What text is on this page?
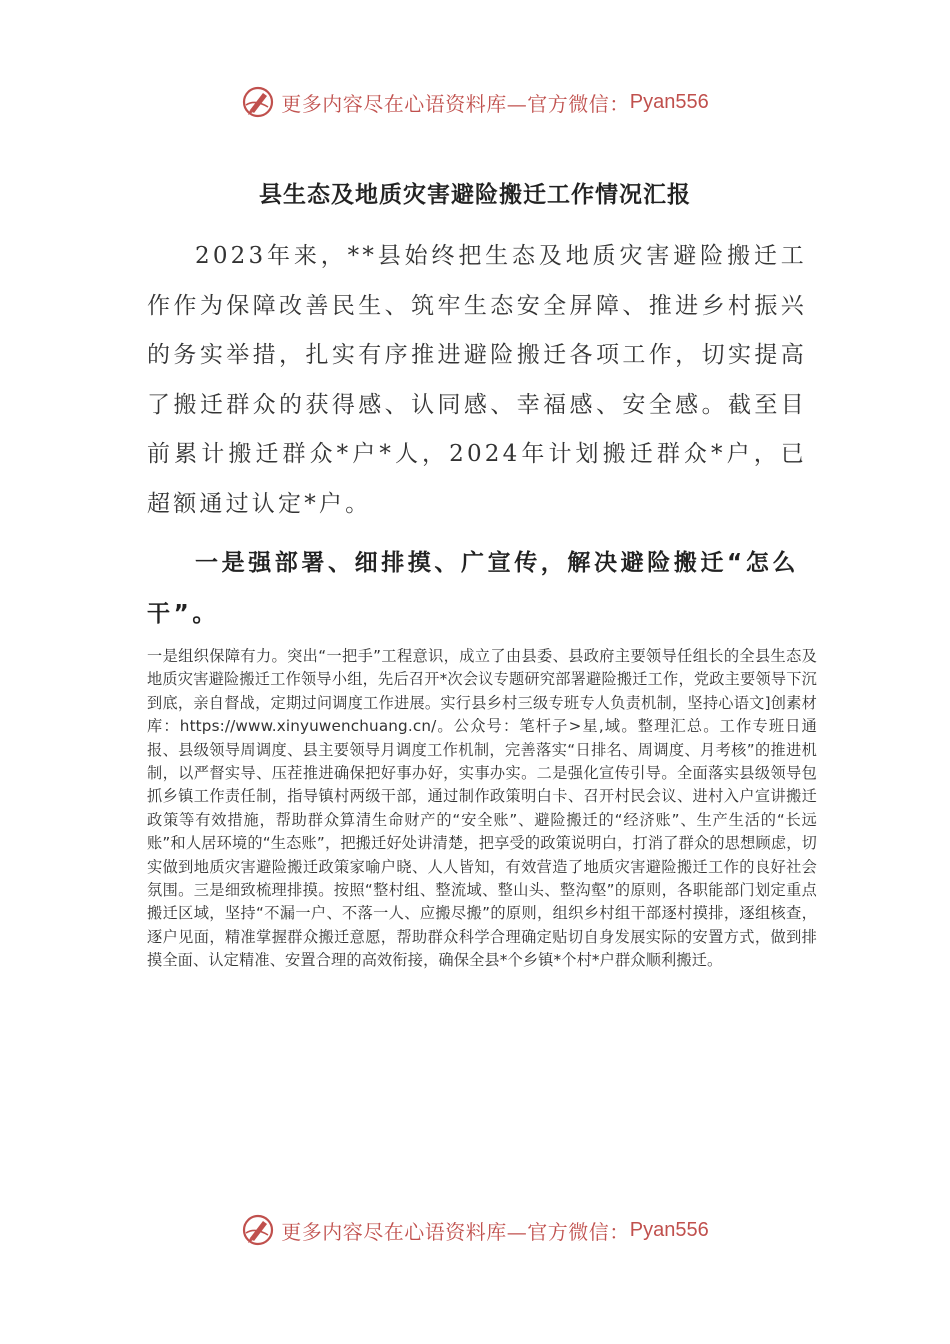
更多内容尽在心语资料库—官方微信： Pyan556
县生态及地质灾害避险搬迁工作情况汇报

2023年来，**县始终把生态及地质灾害避险搬迁工作作为保障改善民生、筑牢生态安全屏障、推进乡村振兴的务实举措，扎实有序推进避险搬迁各项工作，切实提高了搬迁群众的获得感、认同感、幸福感、安全感。截至目前累计搬迁群众*户*人，2024年计划搬迁群众*户，已超额通过认定*户。

一是强部署、细排摸、广宣传，解决避险搬迁“怎么干”。

一是组织保障有力。突出“一把手”工程意识，成立了由县委、县政府主要领导任组长的全县生态及地质灾害避险搬迁工作领导小组，先后召开*次会议专题研究部署避险搬迁工作，党政主要领导下沉到底，亲自督战，定期过问调度工作进展。实行县乡村三级专班专人负责机制，坚持心语文]创素材库：https://www.xinyuwenchuang.cn/。公众号：笔杆子>星,域。整理汇总。工作专班日通报、县级领导周调度、县主要领导月调度工作机制，完善落实“日排名、周调度、月考核”的推进机制，以严督实导、压茬推进确保把好事办好，实事办实。二是强化宣传引导。全面落实县级领导包抓乡镇工作责任制，指导镇村两级干部，通过制作政策明白卡、召开村民会议、进村入户宣讲搬迁政策等有效措施，帮助群众算清生命财产的“安全账”、避险搬迁的“经济账”、生产生活的“长远账”和人居环境的“生态账”，把搬迁好处讲清楚，把享受的政策说明白，打消了群众的思想顾虑，切实做到地质灾害避险搬迁政策家喻户晓、人人皆知，有效营造了地质灾害避险搬迁工作的良好社会氛围。三是细致梳理排摸。按照“整村组、整流域、整山头、整沟壑”的原则，各职能部门划定重点搬迁区域，坚持“不漏一户、不落一人、应搬尽搬”的原则，组织乡村组干部逐村摸排，逐组核查，逐户见面，精准掌握群众搬迁意愿，帮助群众科学合理确定贴切自身发展实际的安置方式，做到排摸全面、认定精准、安置合理的高效衔接，确保全县*个乡镇*个村*户群众顺利搬迁。

更多内容尽在心语资料库—官方微信： Pyan556
